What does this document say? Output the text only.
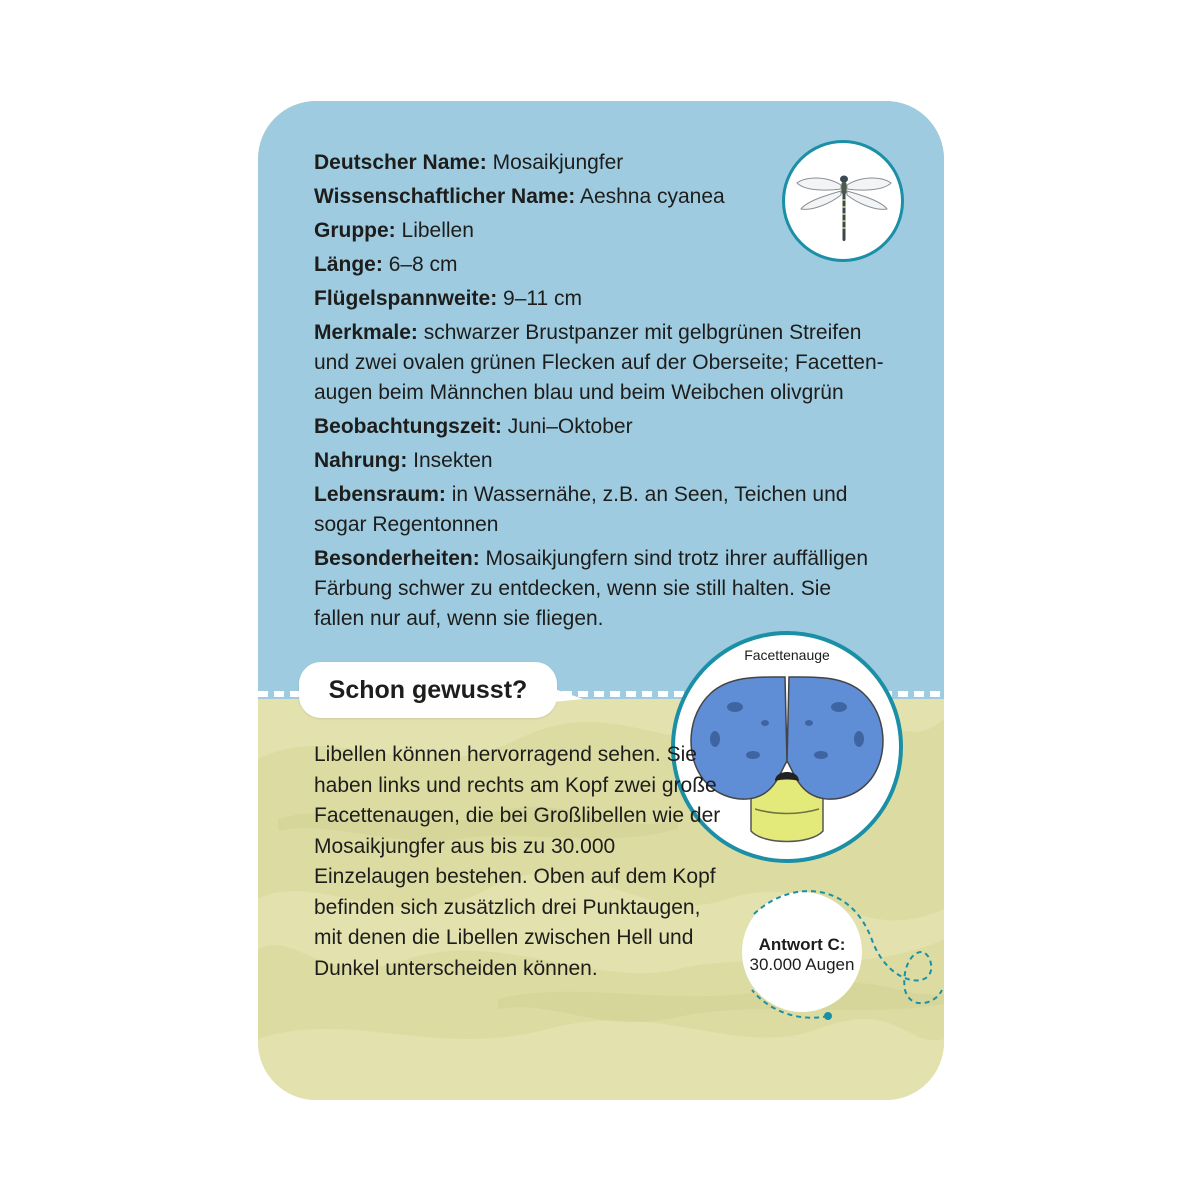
Deutscher Name: Mosaikjungfer
Wissenschaftlicher Name: Aeshna cyanea
Gruppe: Libellen
Länge: 6–8 cm
Flügelspannweite: 9–11 cm
Merkmale: schwarzer Brustpanzer mit gelbgrünen Streifen und zwei ovalen grünen Flecken auf der Oberseite; Facetten-augen beim Männchen blau und beim Weibchen olivgrün
Beobachtungszeit: Juni–Oktober
Nahrung: Insekten
Lebensraum: in Wassernähe, z.B. an Seen, Teichen und sogar Regentonnen
Besonderheiten: Mosaikjungfern sind trotz ihrer auffälligen Färbung schwer zu entdecken, wenn sie still halten. Sie fallen nur auf, wenn sie fliegen.
Schon gewusst?
Facettenauge
Libellen können hervorragend sehen. Sie haben links und rechts am Kopf zwei große Facettenaugen, die bei Großlibellen wie der Mosaikjungfer aus bis zu 30.000 Einzelaugen bestehen. Oben auf dem Kopf befinden sich zusätzlich drei Punktaugen, mit denen die Libellen zwischen Hell und Dunkel unterscheiden können.
Antwort C:
30.000 Augen
